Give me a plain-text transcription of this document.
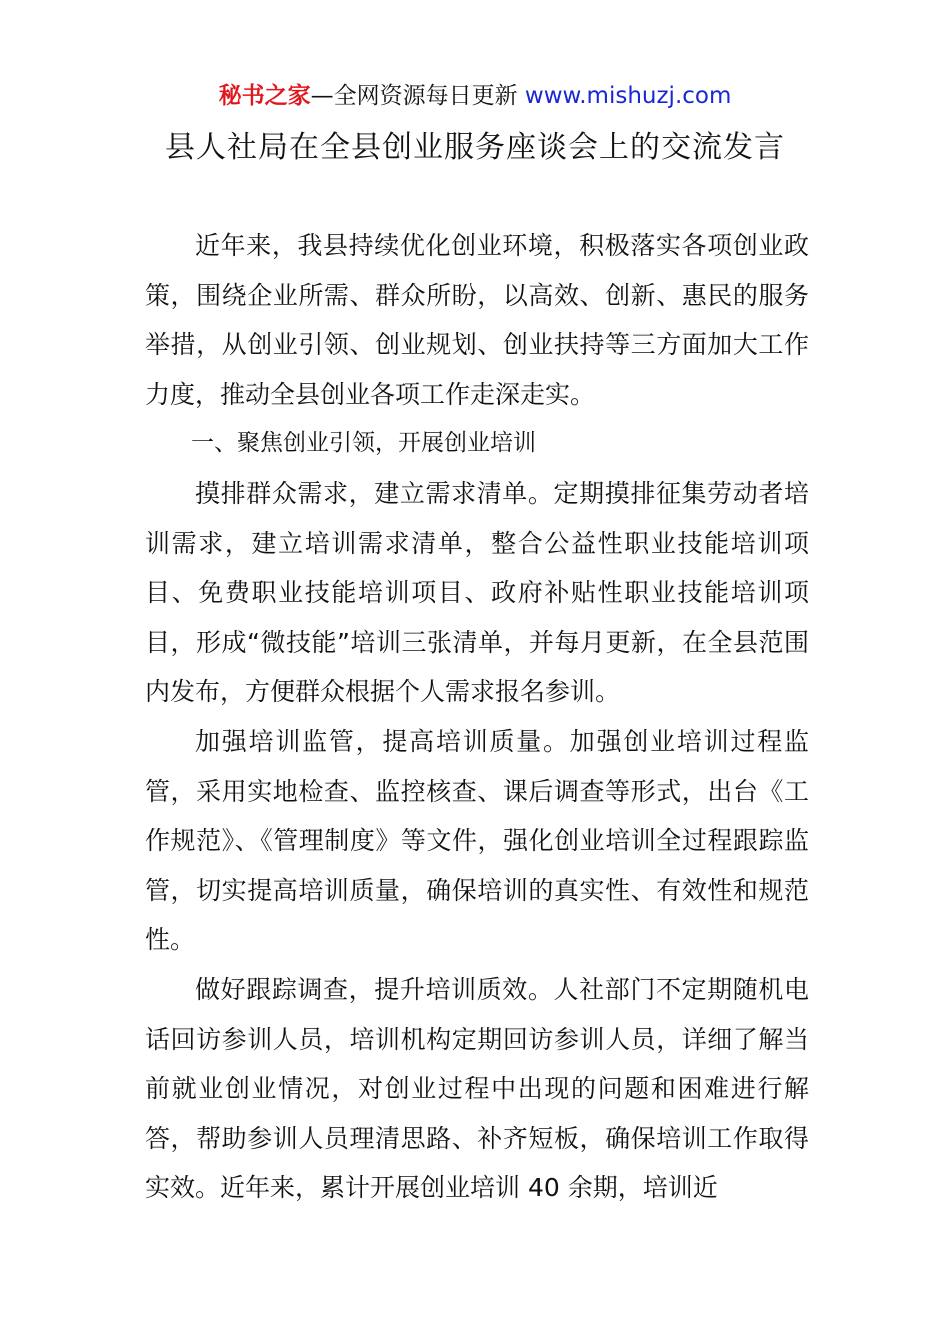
秘书之家—全网资源每日更新 www.mishuzj.com
县人社局在全县创业服务座谈会上的交流发言

近年来，我县持续优化创业环境，积极落实各项创业政策，围绕企业所需、群众所盼，以高效、创新、惠民的服务举措，从创业引领、创业规划、创业扶持等三方面加大工作力度，推动全县创业各项工作走深走实。

一、聚焦创业引领，开展创业培训

摸排群众需求，建立需求清单。定期摸排征集劳动者培训需求，建立培训需求清单，整合公益性职业技能培训项目、免费职业技能培训项目、政府补贴性职业技能培训项目，形成“微技能”培训三张清单，并每月更新，在全县范围内发布，方便群众根据个人需求报名参训。

加强培训监管，提高培训质量。加强创业培训过程监管，采用实地检查、监控核查、课后调查等形式，出台《工作规范》、《管理制度》等文件，强化创业培训全过程跟踪监管，切实提高培训质量，确保培训的真实性、有效性和规范性。

做好跟踪调查，提升培训质效。人社部门不定期随机电话回访参训人员，培训机构定期回访参训人员，详细了解当前就业创业情况，对创业过程中出现的问题和困难进行解答，帮助参训人员理清思路、补齐短板，确保培训工作取得实效。近年来，累计开展创业培训 40 余期，培训近
